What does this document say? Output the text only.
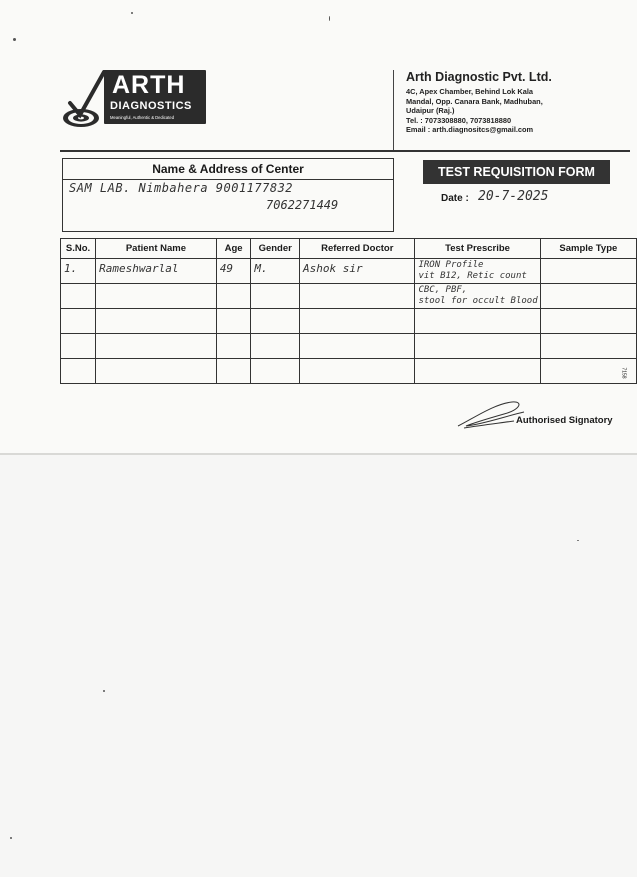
ARTH
DIAGNOSTICS
Meaningful, Authentic & Dedicated
Arth Diagnostic Pvt. Ltd.
4C, Apex Chamber, Behind Lok Kala
Mandal, Opp. Canara Bank, Madhuban,
Udaipur (Raj.)
Tel. : 7073308880, 7073818880
Email : arth.diagnositcs@gmail.com
Name & Address of Center
SAM LAB. Nimbahera 9001177832
7062271449
TEST REQUISITION FORM
Date : 20-7-2025
S.No.	Patient Name	Age	Gender	Referred Doctor	Test Prescribe	Sample Type

1.	Rameshwarlal	49	M.	Ashok sir	IRON Profile
vit B12, Retic count	

					CBC, PBF,
stool for occult Blood	

Authorised Signatory
7158
